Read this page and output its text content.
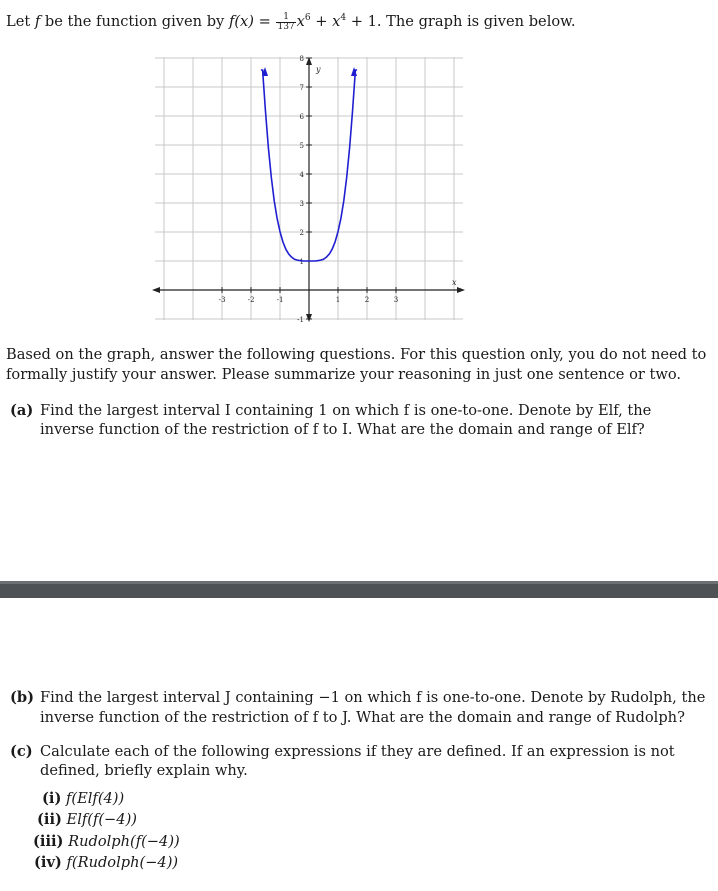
Let f be the function given by $f(x) = \frac{1}{137} x^6 + x^4 + 1$. The graph is given below.
8
7
6
5
4
3
2
1
-1
-3	-2	-1	1	2	3
y
x
Based on the graph, answer the following questions. For this question only, you do not need to
formally justify your answer. Please summarize your reasoning in just one sentence or two.
(a) Find the largest interval I containing 1 on which f is one-to-one. Denote by Elf, the
inverse function of the restriction of f to I. What are the domain and range of Elf?
(b) Find the largest interval J containing −1 on which f is one-to-one. Denote by Rudolph, the
inverse function of the restriction of f to J. What are the domain and range of Rudolph?
(c) Calculate each of the following expressions if they are defined. If an expression is not
defined, briefly explain why.
(i) f(Elf(4))
(ii) Elf(f(−4))
(iii) Rudolph(f(−4))
(iv) f(Rudolph(−4))
